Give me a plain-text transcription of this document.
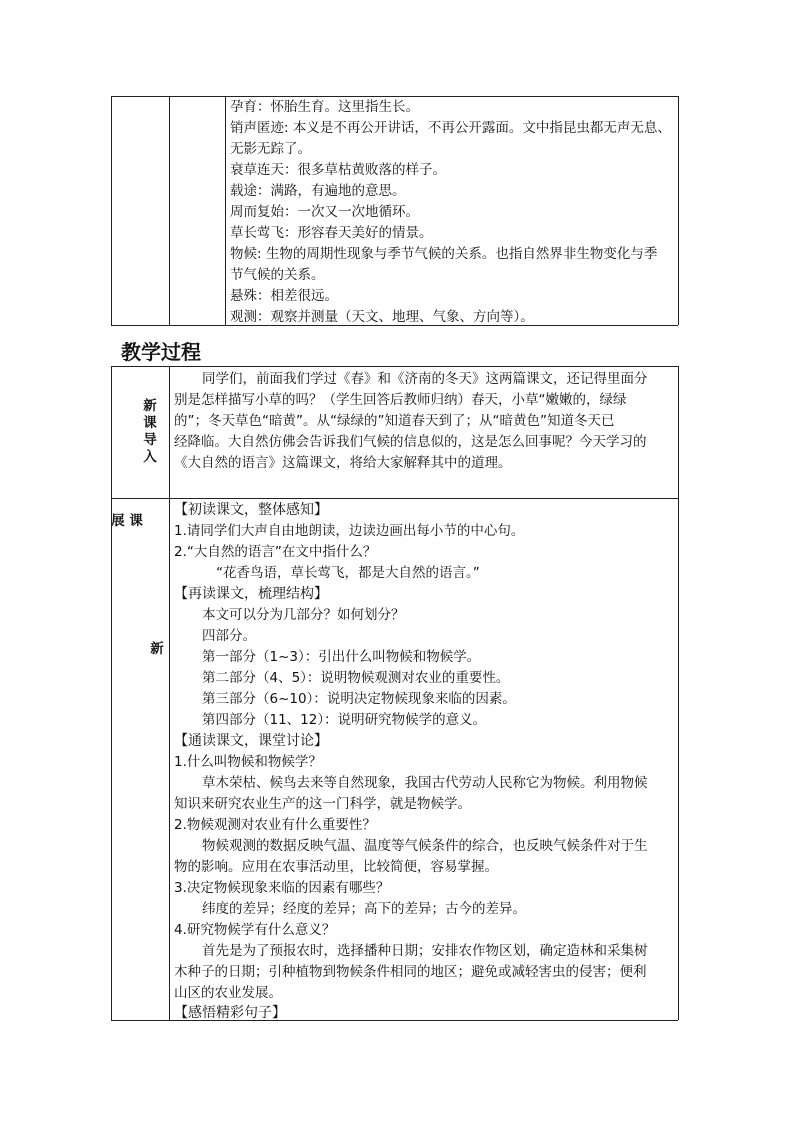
孕育：怀胎生育。这里指生长。
销声匿迹: 本义是不再公开讲话，不再公开露面。文中指昆虫都无声无息、
无影无踪了。
衰草连天：很多草枯黄败落的样子。
载途：满路，有遍地的意思。
周而复始：一次又一次地循环。
草长莺飞：形容春天美好的情景。
物候: 生物的周期性现象与季节气候的关系。也指自然界非生物变化与季
节气候的关系。
悬殊：相差很远。
观测：观察并测量（天文、地理、气象、方向等）。
教学过程
新
课
导
入
同学们，前面我们学过《春》和《济南的冬天》这两篇课文，还记得里面分
别是怎样描写小草的吗？（学生回答后教师归纳）春天，小草“嫩嫩的，绿绿
的”；冬天草色“暗黄”。从“绿绿的”知道春天到了；从“暗黄色”知道冬天已
经降临。大自然仿佛会告诉我们气候的信息似的，这是怎么回事呢？今天学习的
《大自然的语言》这篇课文，将给大家解释其中的道理。
展 课
新
【初读课文，整体感知】
1.请同学们大声自由地朗读，边读边画出每小节的中心句。
2.“大自然的语言”在文中指什么？
“花香鸟语，草长莺飞，都是大自然的语言。”
【再读课文，梳理结构】
本文可以分为几部分？如何划分？
四部分。
第一部分（1~3）：引出什么叫物候和物候学。
第二部分（4、5）：说明物候观测对农业的重要性。
第三部分（6~10）：说明决定物候现象来临的因素。
第四部分（11、12）：说明研究物候学的意义。
【通读课文，课堂讨论】
1.什么叫物候和物候学？
草木荣枯、候鸟去来等自然现象，我国古代劳动人民称它为物候。利用物候
知识来研究农业生产的这一门科学，就是物候学。
2.物候观测对农业有什么重要性？
物候观测的数据反映气温、温度等气候条件的综合，也反映气候条件对于生
物的影响。应用在农事活动里，比较简便，容易掌握。
3.决定物候现象来临的因素有哪些？
纬度的差异；经度的差异；高下的差异；古今的差异。
4.研究物候学有什么意义？
首先是为了预报农时，选择播种日期；安排农作物区划，确定造林和采集树
木种子的日期；引种植物到物候条件相同的地区；避免或减轻害虫的侵害；便利
山区的农业发展。
【感悟精彩句子】
